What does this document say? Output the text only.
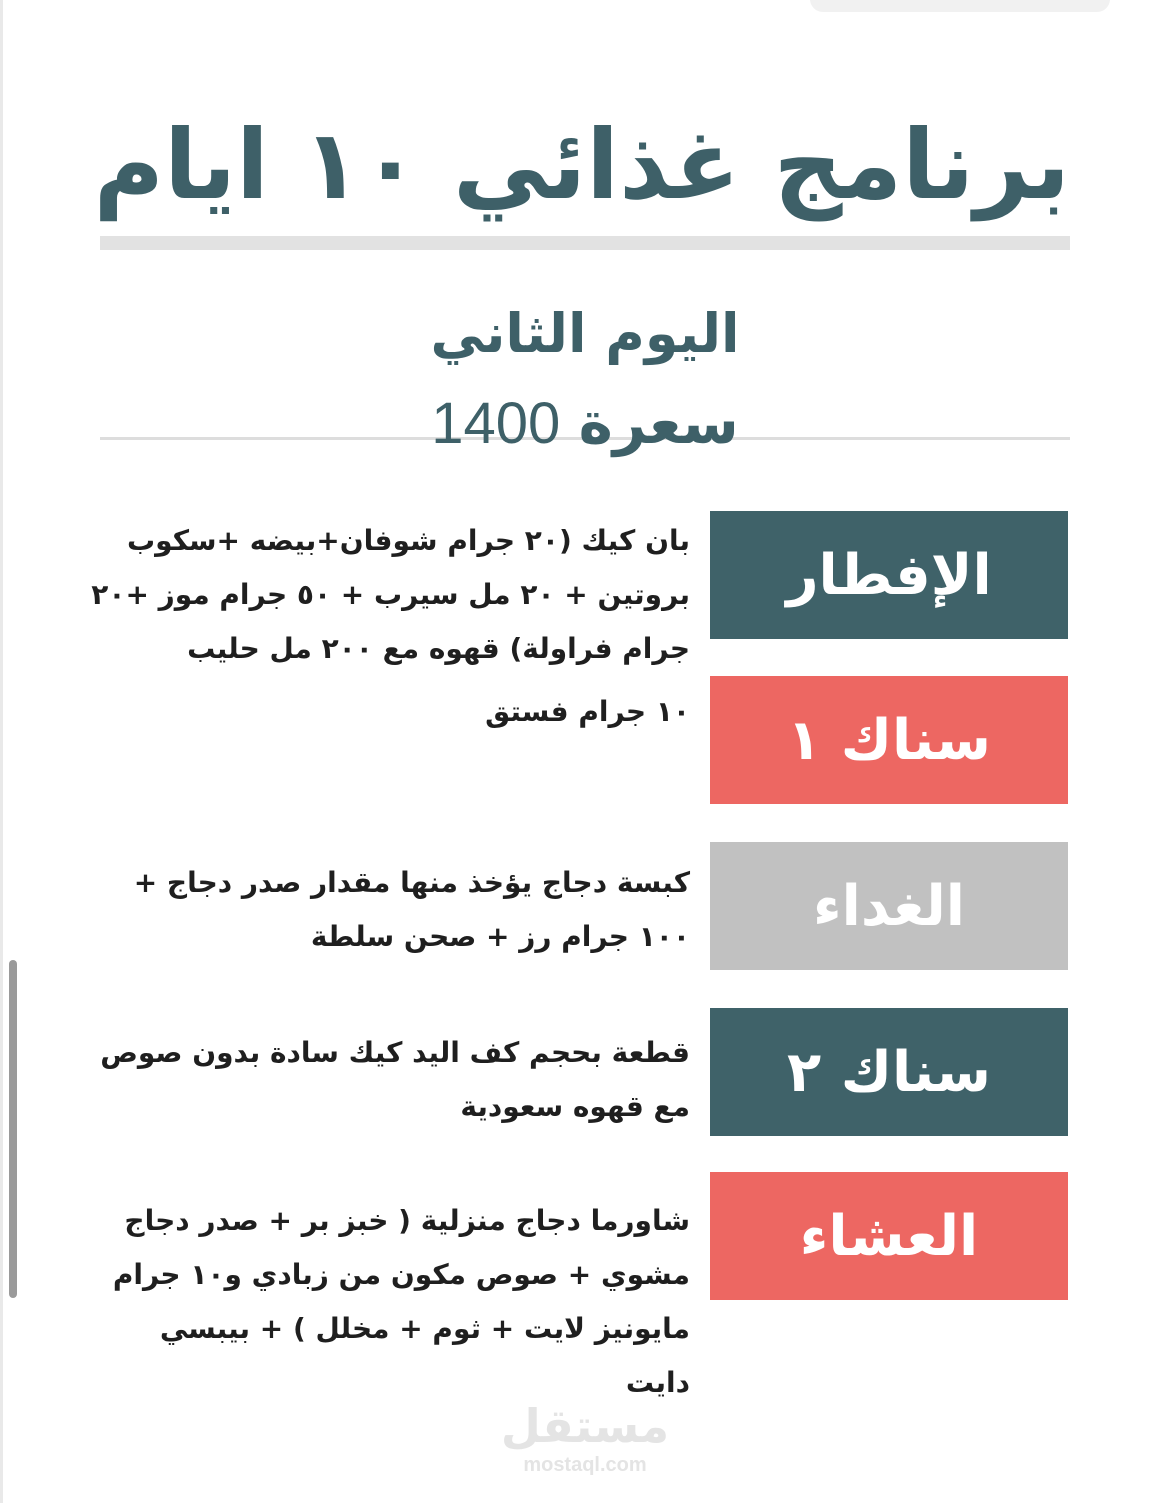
برنامج غذائي ١٠ ايام
اليوم الثاني
سعرة 1400
الإفطار

بان كيك (٢٠ جرام شوفان+بيضه +سكوب بروتين + ٢٠ مل سيرب + ٥٠ جرام موز +٢٠ جرام فراولة) قهوه مع ٢٠٠ مل حليب

سناك ١

١٠ جرام فستق

الغداء

كبسة دجاج يؤخذ منها مقدار صدر دجاج + ١٠٠ جرام رز + صحن سلطة

سناك ٢

قطعة بحجم كف اليد كيك سادة بدون صوص مع قهوه سعودية

العشاء

شاورما دجاج منزلية ( خبز بر + صدر دجاج مشوي + صوص مكون من زبادي و١٠ جرام مايونيز لايت + ثوم + مخلل ) + بيبسي دايت

مستقل
mostaql.com
